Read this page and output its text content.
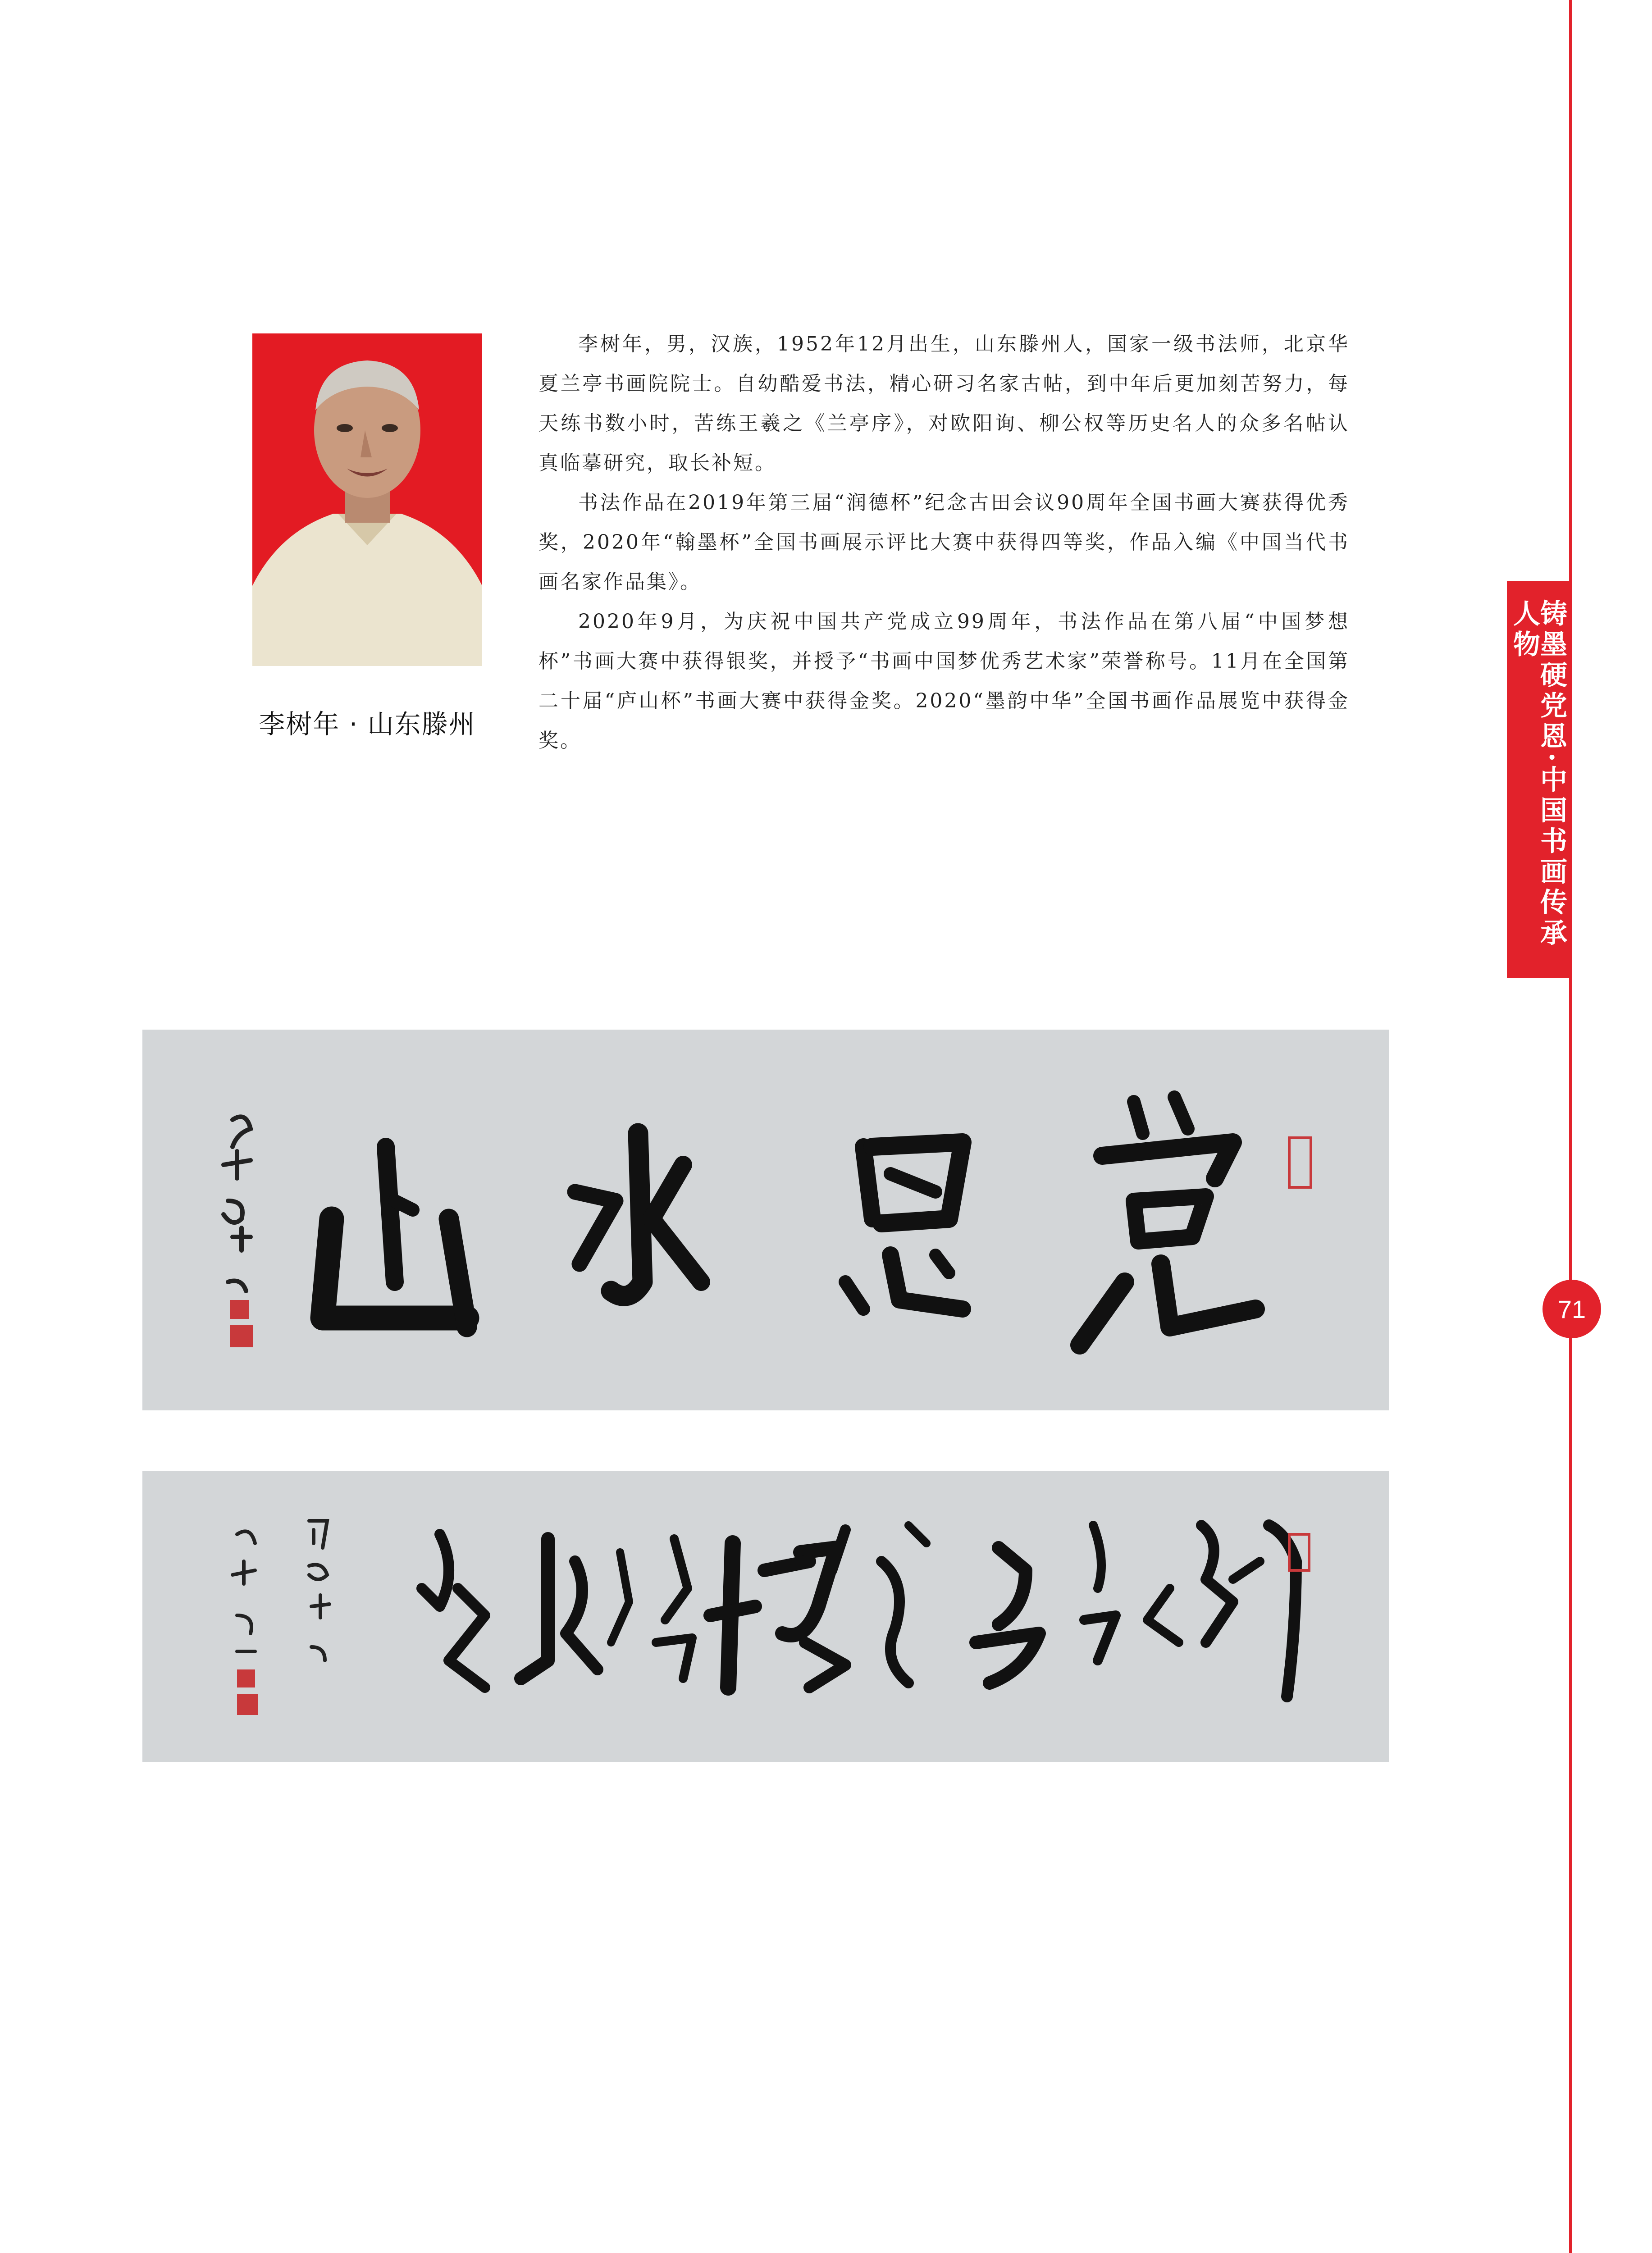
铸墨硬党恩·中国书画传承人物
71
李树年 · 山东滕州

李树年，男，汉族，1952年12月出生，山东滕州人，国家一级书法师，北京华夏兰亭书画院院士。自幼酷爱书法，精心研习名家古帖，到中年后更加刻苦努力，每天练书数小时，苦练王羲之《兰亭序》，对欧阳询、柳公权等历史名人的众多名帖认真临摹研究，取长补短。

书法作品在2019年第三届“润德杯”纪念古田会议90周年全国书画大赛获得优秀奖，2020年“翰墨杯”全国书画展示评比大赛中获得四等奖，作品入编《中国当代书画名家作品集》。

2020年9月，为庆祝中国共产党成立99周年，书法作品在第八届“中国梦想杯”书画大赛中获得银奖，并授予“书画中国梦优秀艺术家”荣誉称号。11月在全国第二十届“庐山杯”书画大赛中获得金奖。2020“墨韵中华”全国书画作品展览中获得金奖。
